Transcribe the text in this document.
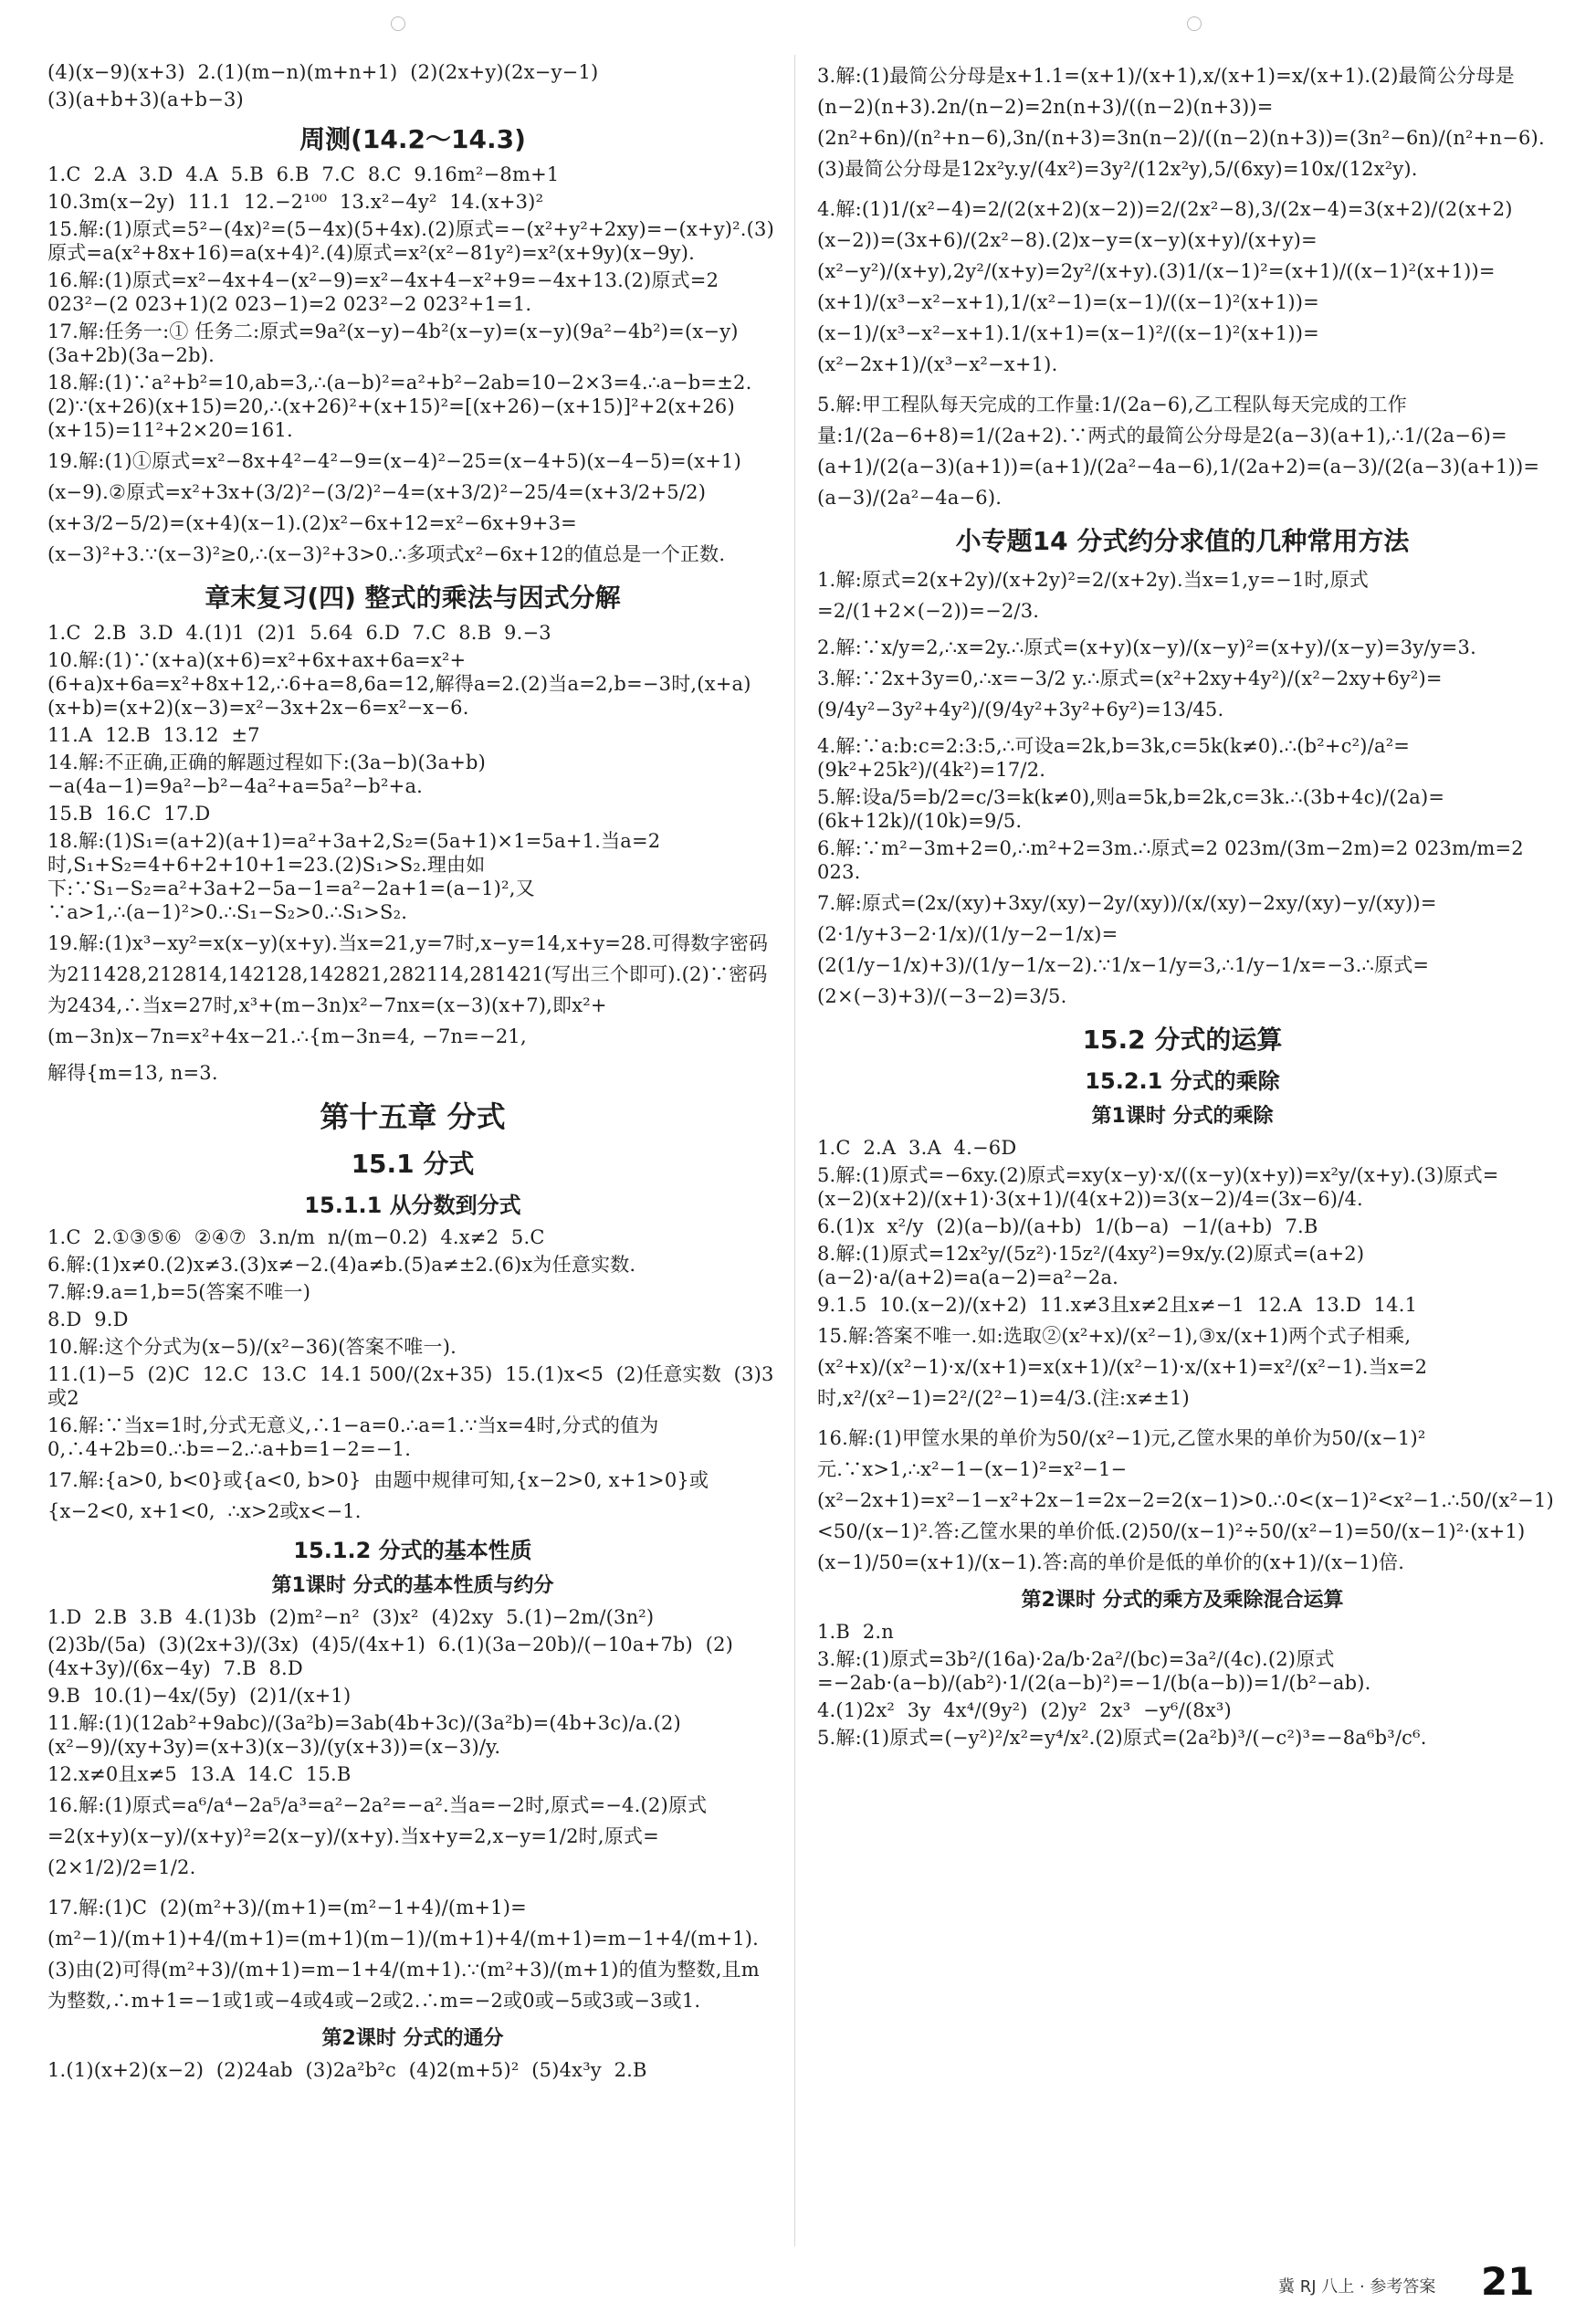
(4)(x−9)(x+3)  2.(1)(m−n)(m+n+1)  (2)(2x+y)(2x−y−1)
(3)(a+b+3)(a+b−3)
周测(14.2～14.3)
1.C  2.A  3.D  4.A  5.B  6.B  7.C  8.C  9.16m²−8m+1
10.3m(x−2y)  11.1  12.−2¹⁰⁰  13.x²−4y²  14.(x+3)²
15.解:(1)原式=5²−(4x)²=(5−4x)(5+4x).(2)原式=−(x²+y²+2xy)=−(x+y)².(3)原式=a(x²+8x+16)=a(x+4)².(4)原式=x²(x²−81y²)=x²(x+9y)(x−9y).
16.解:(1)原式=x²−4x+4−(x²−9)=x²−4x+4−x²+9=−4x+13.(2)原式=2 023²−(2 023+1)(2 023−1)=2 023²−2 023²+1=1.
17.解:任务一:① 任务二:原式=9a²(x−y)−4b²(x−y)=(x−y)(9a²−4b²)=(x−y)(3a+2b)(3a−2b).
18.解:(1)∵a²+b²=10,ab=3,∴(a−b)²=a²+b²−2ab=10−2×3=4.∴a−b=±2.(2)∵(x+26)(x+15)=20,∴(x+26)²+(x+15)²=[(x+26)−(x+15)]²+2(x+26)(x+15)=11²+2×20=161.
19.解:(1)①原式=x²−8x+4²−4²−9=(x−4)²−25=(x−4+5)(x−4−5)=(x+1)(x−9).②原式=x²+3x+(3/2)²−(3/2)²−4=(x+3/2)²−25/4=(x+3/2+5/2)(x+3/2−5/2)=(x+4)(x−1).(2)x²−6x+12=x²−6x+9+3=(x−3)²+3.∵(x−3)²≥0,∴(x−3)²+3>0.∴多项式x²−6x+12的值总是一个正数.
章末复习(四) 整式的乘法与因式分解
1.C  2.B  3.D  4.(1)1  (2)1  5.64  6.D  7.C  8.B  9.−3
10.解:(1)∵(x+a)(x+6)=x²+6x+ax+6a=x²+(6+a)x+6a=x²+8x+12,∴6+a=8,6a=12,解得a=2.(2)当a=2,b=−3时,(x+a)(x+b)=(x+2)(x−3)=x²−3x+2x−6=x²−x−6.
11.A  12.B  13.12  ±7
14.解:不正确,正确的解题过程如下:(3a−b)(3a+b)−a(4a−1)=9a²−b²−4a²+a=5a²−b²+a.
15.B  16.C  17.D
18.解:(1)S₁=(a+2)(a+1)=a²+3a+2,S₂=(5a+1)×1=5a+1.当a=2时,S₁+S₂=4+6+2+10+1=23.(2)S₁>S₂.理由如下:∵S₁−S₂=a²+3a+2−5a−1=a²−2a+1=(a−1)²,又∵a>1,∴(a−1)²>0.∴S₁−S₂>0.∴S₁>S₂.
19.解:(1)x³−xy²=x(x−y)(x+y).当x=21,y=7时,x−y=14,x+y=28.可得数字密码为211428,212814,142128,142821,282114,281421(写出三个即可).(2)∵密码为2434,∴当x=27时,x³+(m−3n)x²−7nx=(x−3)(x+7),即x²+(m−3n)x−7n=x²+4x−21.∴{m−3n=4, −7n=−21,
解得{m=13, n=3.
第十五章 分式
15.1 分式
15.1.1 从分数到分式
1.C  2.①③⑤⑥  ②④⑦  3.n/m  n/(m−0.2)  4.x≠2  5.C
6.解:(1)x≠0.(2)x≠3.(3)x≠−2.(4)a≠b.(5)a≠±2.(6)x为任意实数.
7.解:9.a=1,b=5(答案不唯一)
8.D  9.D
10.解:这个分式为(x−5)/(x²−36)(答案不唯一).
11.(1)−5  (2)C  12.C  13.C  14.1 500/(2x+35)  15.(1)x<5  (2)任意实数  (3)3或2
16.解:∵当x=1时,分式无意义,∴1−a=0.∴a=1.∵当x=4时,分式的值为0,∴4+2b=0.∴b=−2.∴a+b=1−2=−1.
17.解:{a>0, b<0}或{a<0, b>0}  由题中规律可知,{x−2>0, x+1>0}或{x−2<0, x+1<0,  ∴x>2或x<−1.
15.1.2 分式的基本性质
第1课时 分式的基本性质与约分
1.D  2.B  3.B  4.(1)3b  (2)m²−n²  (3)x²  (4)2xy  5.(1)−2m/(3n²)
(2)3b/(5a)  (3)(2x+3)/(3x)  (4)5/(4x+1)  6.(1)(3a−20b)/(−10a+7b)  (2)(4x+3y)/(6x−4y)  7.B  8.D
9.B  10.(1)−4x/(5y)  (2)1/(x+1)
11.解:(1)(12ab²+9abc)/(3a²b)=3ab(4b+3c)/(3a²b)=(4b+3c)/a.(2)(x²−9)/(xy+3y)=(x+3)(x−3)/(y(x+3))=(x−3)/y.
12.x≠0且x≠5  13.A  14.C  15.B
16.解:(1)原式=a⁶/a⁴−2a⁵/a³=a²−2a²=−a².当a=−2时,原式=−4.(2)原式=2(x+y)(x−y)/(x+y)²=2(x−y)/(x+y).当x+y=2,x−y=1/2时,原式=(2×1/2)/2=1/2.
17.解:(1)C  (2)(m²+3)/(m+1)=(m²−1+4)/(m+1)=(m²−1)/(m+1)+4/(m+1)=(m+1)(m−1)/(m+1)+4/(m+1)=m−1+4/(m+1).(3)由(2)可得(m²+3)/(m+1)=m−1+4/(m+1).∵(m²+3)/(m+1)的值为整数,且m为整数,∴m+1=−1或1或−4或4或−2或2.∴m=−2或0或−5或3或−3或1.
第2课时 分式的通分
1.(1)(x+2)(x−2)  (2)24ab  (3)2a²b²c  (4)2(m+5)²  (5)4x³y  2.B
3.解:(1)最简公分母是x+1.1=(x+1)/(x+1),x/(x+1)=x/(x+1).(2)最简公分母是(n−2)(n+3).2n/(n−2)=2n(n+3)/((n−2)(n+3))=(2n²+6n)/(n²+n−6),3n/(n+3)=3n(n−2)/((n−2)(n+3))=(3n²−6n)/(n²+n−6).(3)最简公分母是12x²y.y/(4x²)=3y²/(12x²y),5/(6xy)=10x/(12x²y).
4.解:(1)1/(x²−4)=2/(2(x+2)(x−2))=2/(2x²−8),3/(2x−4)=3(x+2)/(2(x+2)(x−2))=(3x+6)/(2x²−8).(2)x−y=(x−y)(x+y)/(x+y)=(x²−y²)/(x+y),2y²/(x+y)=2y²/(x+y).(3)1/(x−1)²=(x+1)/((x−1)²(x+1))=(x+1)/(x³−x²−x+1),1/(x²−1)=(x−1)/((x−1)²(x+1))=(x−1)/(x³−x²−x+1).1/(x+1)=(x−1)²/((x−1)²(x+1))=(x²−2x+1)/(x³−x²−x+1).
5.解:甲工程队每天完成的工作量:1/(2a−6),乙工程队每天完成的工作量:1/(2a−6+8)=1/(2a+2).∵两式的最简公分母是2(a−3)(a+1),∴1/(2a−6)=(a+1)/(2(a−3)(a+1))=(a+1)/(2a²−4a−6),1/(2a+2)=(a−3)/(2(a−3)(a+1))=(a−3)/(2a²−4a−6).
小专题14 分式约分求值的几种常用方法
1.解:原式=2(x+2y)/(x+2y)²=2/(x+2y).当x=1,y=−1时,原式=2/(1+2×(−2))=−2/3.
2.解:∵x/y=2,∴x=2y.∴原式=(x+y)(x−y)/(x−y)²=(x+y)/(x−y)=3y/y=3.
3.解:∵2x+3y=0,∴x=−3/2 y.∴原式=(x²+2xy+4y²)/(x²−2xy+6y²)=(9/4y²−3y²+4y²)/(9/4y²+3y²+6y²)=13/45.
4.解:∵a:b:c=2:3:5,∴可设a=2k,b=3k,c=5k(k≠0).∴(b²+c²)/a²=(9k²+25k²)/(4k²)=17/2.
5.解:设a/5=b/2=c/3=k(k≠0),则a=5k,b=2k,c=3k.∴(3b+4c)/(2a)=(6k+12k)/(10k)=9/5.
6.解:∵m²−3m+2=0,∴m²+2=3m.∴原式=2 023m/(3m−2m)=2 023m/m=2 023.
7.解:原式=(2x/(xy)+3xy/(xy)−2y/(xy))/(x/(xy)−2xy/(xy)−y/(xy))=(2·1/y+3−2·1/x)/(1/y−2−1/x)=(2(1/y−1/x)+3)/(1/y−1/x−2).∵1/x−1/y=3,∴1/y−1/x=−3.∴原式=(2×(−3)+3)/(−3−2)=3/5.
15.2 分式的运算
15.2.1 分式的乘除
第1课时 分式的乘除
1.C  2.A  3.A  4.−6D
5.解:(1)原式=−6xy.(2)原式=xy(x−y)·x/((x−y)(x+y))=x²y/(x+y).(3)原式=(x−2)(x+2)/(x+1)·3(x+1)/(4(x+2))=3(x−2)/4=(3x−6)/4.
6.(1)x  x²/y  (2)(a−b)/(a+b)  1/(b−a)  −1/(a+b)  7.B
8.解:(1)原式=12x²y/(5z²)·15z²/(4xy²)=9x/y.(2)原式=(a+2)(a−2)·a/(a+2)=a(a−2)=a²−2a.
9.1.5  10.(x−2)/(x+2)  11.x≠3且x≠2且x≠−1  12.A  13.D  14.1
15.解:答案不唯一.如:选取②(x²+x)/(x²−1),③x/(x+1)两个式子相乘,(x²+x)/(x²−1)·x/(x+1)=x(x+1)/(x²−1)·x/(x+1)=x²/(x²−1).当x=2时,x²/(x²−1)=2²/(2²−1)=4/3.(注:x≠±1)
16.解:(1)甲筐水果的单价为50/(x²−1)元,乙筐水果的单价为50/(x−1)²元.∵x>1,∴x²−1−(x−1)²=x²−1−(x²−2x+1)=x²−1−x²+2x−1=2x−2=2(x−1)>0.∴0<(x−1)²<x²−1.∴50/(x²−1)<50/(x−1)².答:乙筐水果的单价低.(2)50/(x−1)²÷50/(x²−1)=50/(x−1)²·(x+1)(x−1)/50=(x+1)/(x−1).答:高的单价是低的单价的(x+1)/(x−1)倍.
第2课时 分式的乘方及乘除混合运算
1.B  2.n
3.解:(1)原式=3b²/(16a)·2a/b·2a²/(bc)=3a²/(4c).(2)原式=−2ab·(a−b)/(ab²)·1/(2(a−b)²)=−1/(b(a−b))=1/(b²−ab).
4.(1)2x²  3y  4x⁴/(9y²)  (2)y²  2x³  −y⁶/(8x³)
5.解:(1)原式=(−y²)²/x²=y⁴/x².(2)原式=(2a²b)³/(−c²)³=−8a⁶b³/c⁶.
冀 RJ 八上 · 参考答案 21
